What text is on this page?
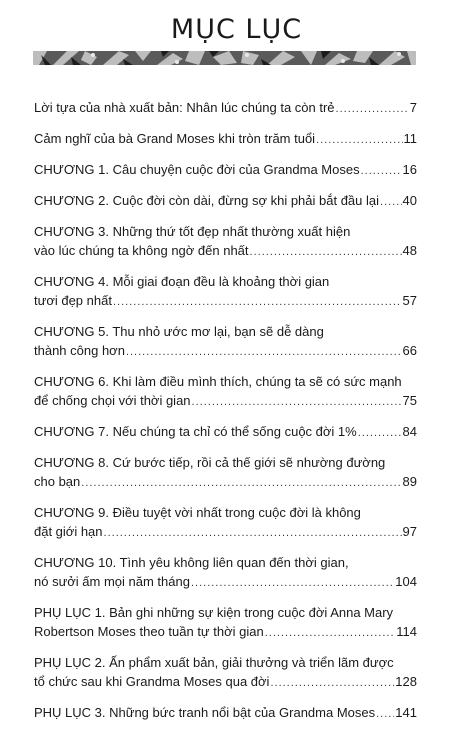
MỤC LỤC
Lời tựa của nhà xuất bản: Nhân lúc chúng ta còn trẻ .....	7
Cảm nghĩ của bà Grand Moses khi tròn trăm tuổi .....	11
CHƯƠNG 1. Câu chuyện cuộc đời của Grandma Moses .....	16
CHƯƠNG 2. Cuộc đời còn dài, đừng sợ khi phải bắt đầu lại ..... 40
CHƯƠNG 3. Những thứ tốt đẹp nhất thường xuất hiện
vào lúc chúng ta không ngờ đến nhất .....	48
CHƯƠNG 4. Mỗi giai đoạn đều là khoảng thời gian
tươi đẹp nhất .....	57
CHƯƠNG 5. Thu nhỏ ước mơ lại, bạn sẽ dễ dàng
thành công hơn .....	66
CHƯƠNG 6. Khi làm điều mình thích, chúng ta sẽ có sức mạnh
để chống chọi với thời gian .....	75
CHƯƠNG 7. Nếu chúng ta chỉ có thể sống cuộc đời 1% .....	84
CHƯƠNG 8. Cứ bước tiếp, rồi cả thế giới sẽ nhường đường
cho bạn .....	89
CHƯƠNG 9. Điều tuyệt vời nhất trong cuộc đời là không
đặt giới hạn .....	97
CHƯƠNG 10. Tình yêu không liên quan đến thời gian,
nó sưởi ấm mọi năm tháng .....	104
PHỤ LỤC 1. Bản ghi những sự kiện trong cuộc đời Anna Mary
Robertson Moses theo tuần tự thời gian .....	114
PHỤ LỤC 2. Ấn phẩm xuất bản, giải thưởng và triển lãm được
tổ chức sau khi Grandma Moses qua đời .....	128
PHỤ LỤC 3. Những bức tranh nổi bật của Grandma Moses ..... 141
